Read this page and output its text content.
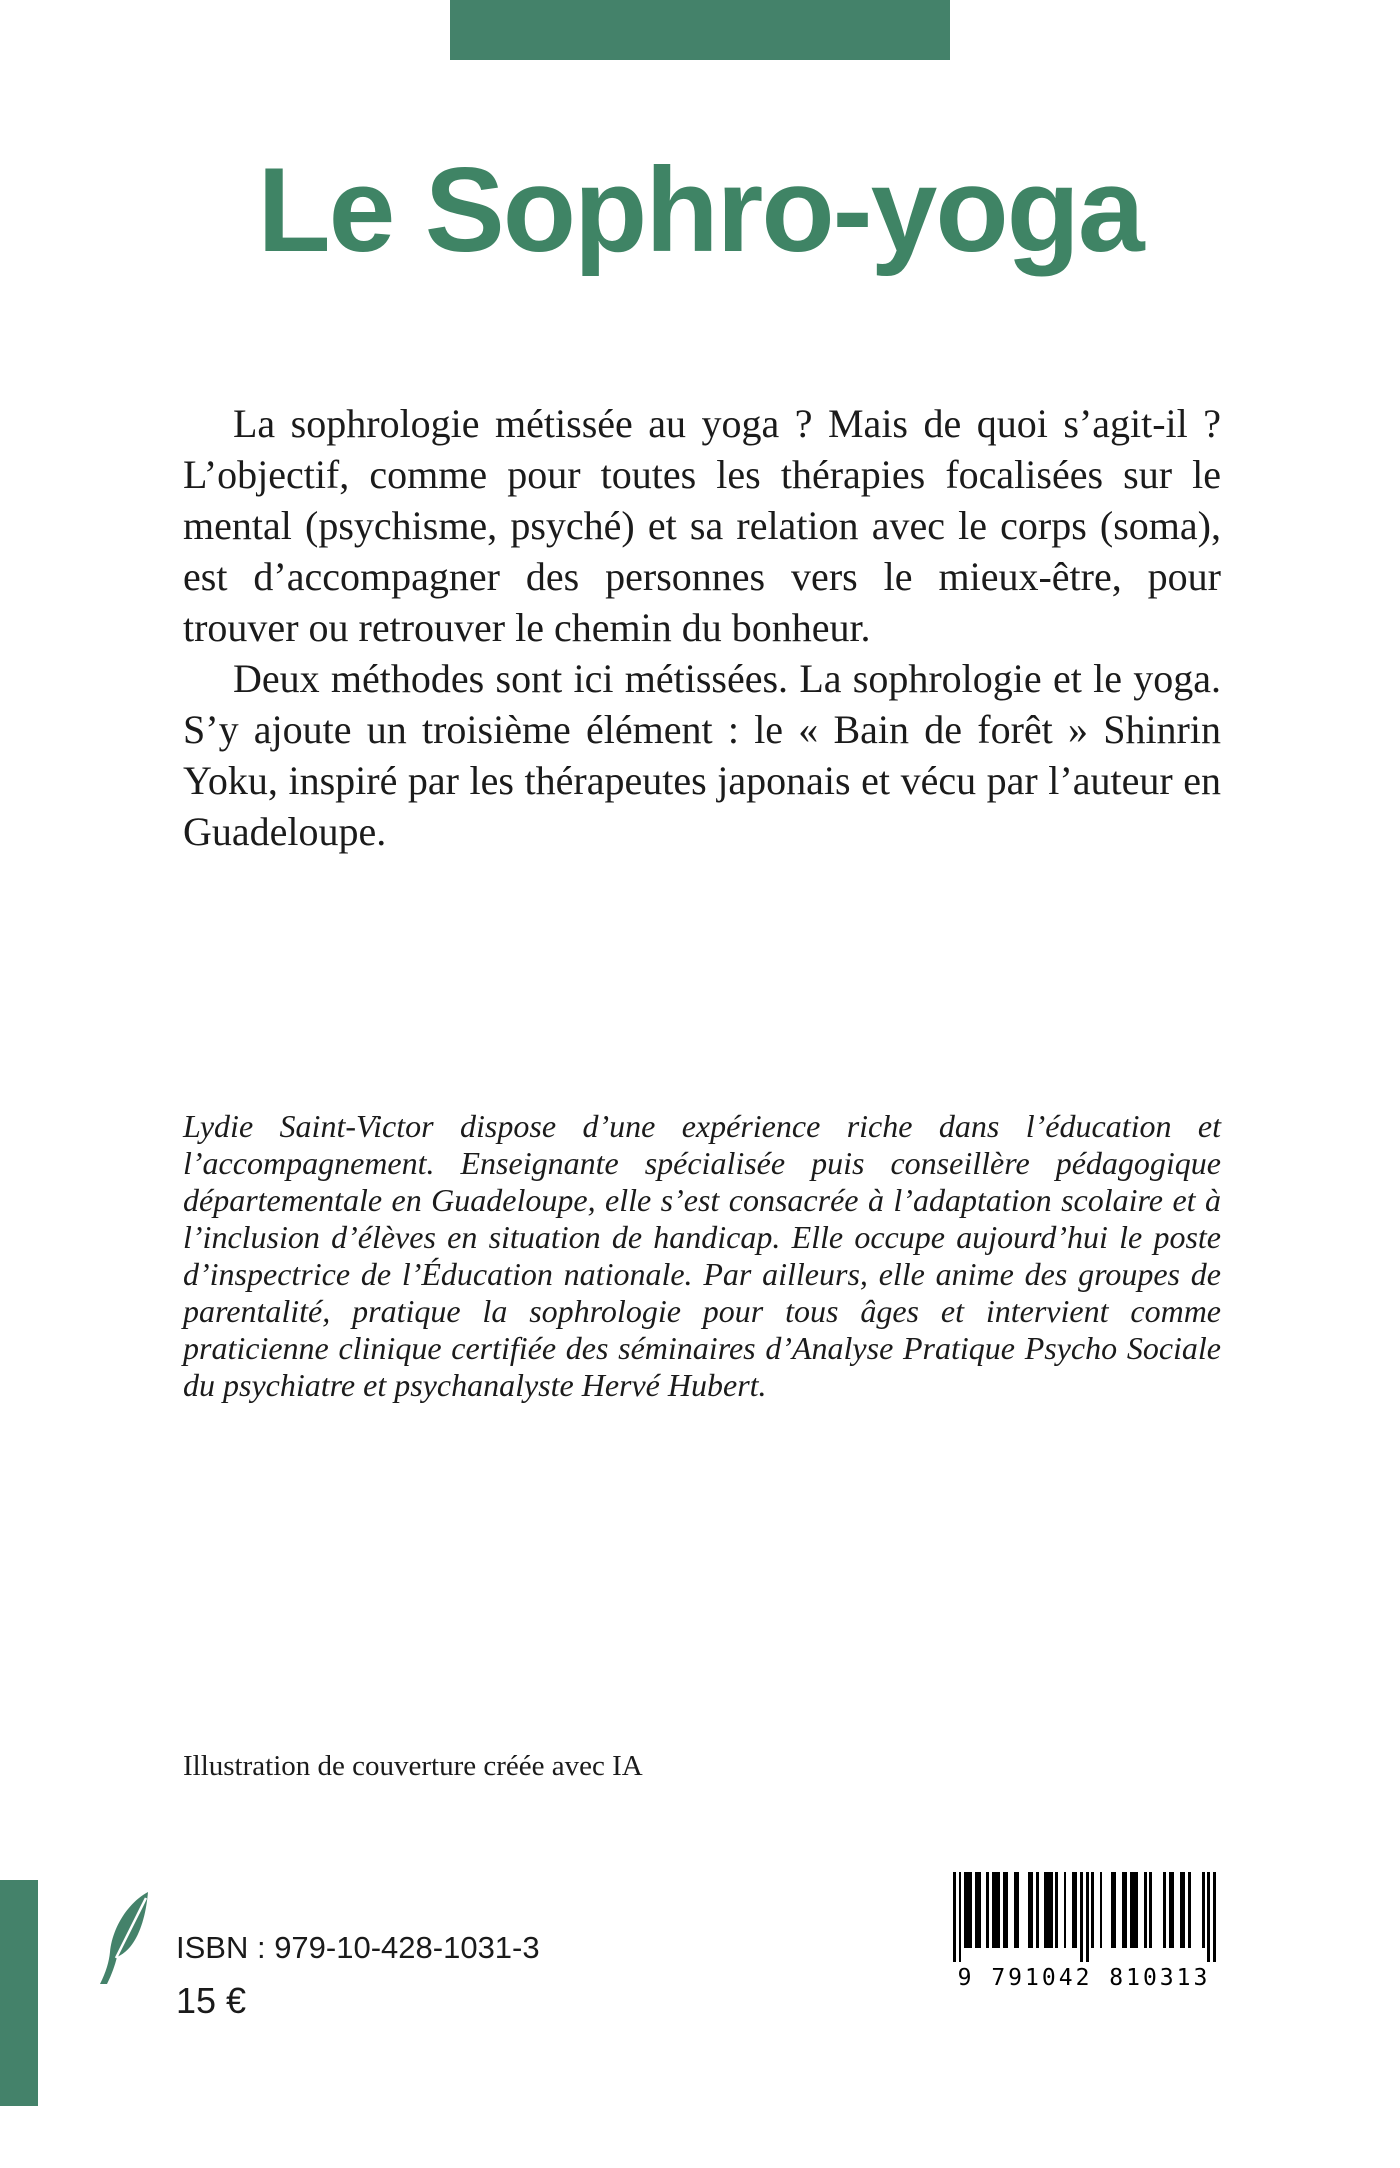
Le Sophro-yoga

La sophrologie métissée au yoga ? Mais de quoi s’agit-il ? L’objectif, comme pour toutes les thérapies focalisées sur le mental (psychisme, psyché) et sa relation avec le corps (soma), est d’accompagner des personnes vers le mieux-être, pour trouver ou retrouver le chemin du bonheur.

Deux méthodes sont ici métissées. La sophrologie et le yoga. S’y ajoute un troisième élément : le « Bain de forêt » Shinrin Yoku, inspiré par les thérapeutes japonais et vécu par l’auteur en Guadeloupe.

Lydie Saint-Victor dispose d’une expérience riche dans l’éducation et l’accompagnement. Enseignante spécialisée puis conseillère pédagogique départementale en Guadeloupe, elle s’est consacrée à l’adaptation scolaire et à l’inclusion d’élèves en situation de handicap. Elle occupe aujourd’hui le poste d’inspectrice de l’Éducation nationale. Par ailleurs, elle anime des groupes de parentalité, pratique la sophrologie pour tous âges et intervient comme praticienne clinique certifiée des séminaires d’Analyse Pratique Psycho Sociale du psychiatre et psychanalyste Hervé Hubert.
Illustration de couverture créée avec IA
ISBN : 979-10-428-1031-3
15 €
9 791042 810313
